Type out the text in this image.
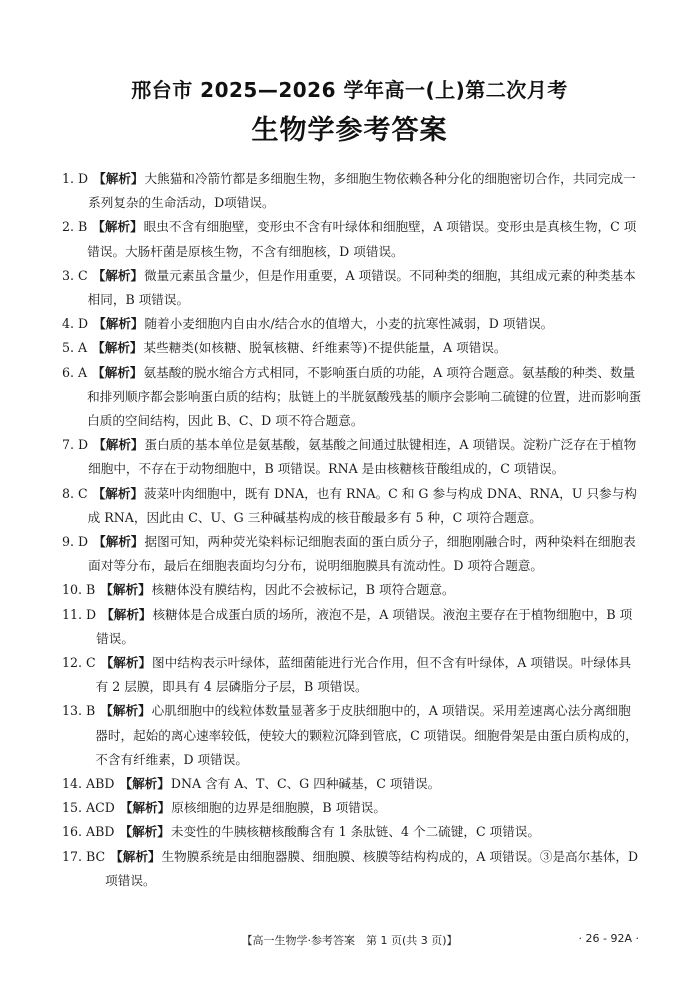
邢台市 2025—2026 学年高一(上)第二次月考
生物学参考答案
1. D 【解析】大熊猫和冷箭竹都是多细胞生物，多细胞生物依赖各种分化的细胞密切合作，共同完成一系列复杂的生命活动，D项错误。
2. B 【解析】眼虫不含有细胞壁，变形虫不含有叶绿体和细胞壁，A 项错误。变形虫是真核生物，C 项错误。大肠杆菌是原核生物，不含有细胞核，D 项错误。
3. C 【解析】微量元素虽含量少，但是作用重要，A 项错误。不同种类的细胞，其组成元素的种类基本相同，B 项错误。
4. D 【解析】随着小麦细胞内自由水/结合水的值增大，小麦的抗寒性减弱，D 项错误。
5. A 【解析】某些糖类(如核糖、脱氧核糖、纤维素等)不提供能量，A 项错误。
6. A 【解析】氨基酸的脱水缩合方式相同，不影响蛋白质的功能，A 项符合题意。氨基酸的种类、数量和排列顺序都会影响蛋白质的结构；肽链上的半胱氨酸残基的顺序会影响二硫键的位置，进而影响蛋白质的空间结构，因此 B、C、D 项不符合题意。
7. D 【解析】蛋白质的基本单位是氨基酸，氨基酸之间通过肽键相连，A 项错误。淀粉广泛存在于植物细胞中，不存在于动物细胞中，B 项错误。RNA 是由核糖核苷酸组成的，C 项错误。
8. C 【解析】菠菜叶肉细胞中，既有 DNA，也有 RNA。C 和 G 参与构成 DNA、RNA，U 只参与构成 RNA，因此由 C、U、G 三种碱基构成的核苷酸最多有 5 种，C 项符合题意。
9. D 【解析】据图可知，两种荧光染料标记细胞表面的蛋白质分子，细胞刚融合时，两种染料在细胞表面对等分布，最后在细胞表面均匀分布，说明细胞膜具有流动性。D 项符合题意。
10. B 【解析】核糖体没有膜结构，因此不会被标记，B 项符合题意。
11. D 【解析】核糖体是合成蛋白质的场所，液泡不是，A 项错误。液泡主要存在于植物细胞中，B 项错误。
12. C 【解析】图中结构表示叶绿体，蓝细菌能进行光合作用，但不含有叶绿体，A 项错误。叶绿体具有 2 层膜，即具有 4 层磷脂分子层，B 项错误。
13. B 【解析】心肌细胞中的线粒体数量显著多于皮肤细胞中的，A 项错误。采用差速离心法分离细胞器时，起始的离心速率较低，使较大的颗粒沉降到管底，C 项错误。细胞骨架是由蛋白质构成的，不含有纤维素，D 项错误。
14. ABD 【解析】DNA 含有 A、T、C、G 四种碱基，C 项错误。
15. ACD 【解析】原核细胞的边界是细胞膜，B 项错误。
16. ABD 【解析】未变性的牛胰核糖核酸酶含有 1 条肽链、4 个二硫键，C 项错误。
17. BC 【解析】生物膜系统是由细胞器膜、细胞膜、核膜等结构构成的，A 项错误。③是高尔基体，D 项错误。
【高一生物学·参考答案　第 1 页(共 3 页)】	· 26 - 92A ·
